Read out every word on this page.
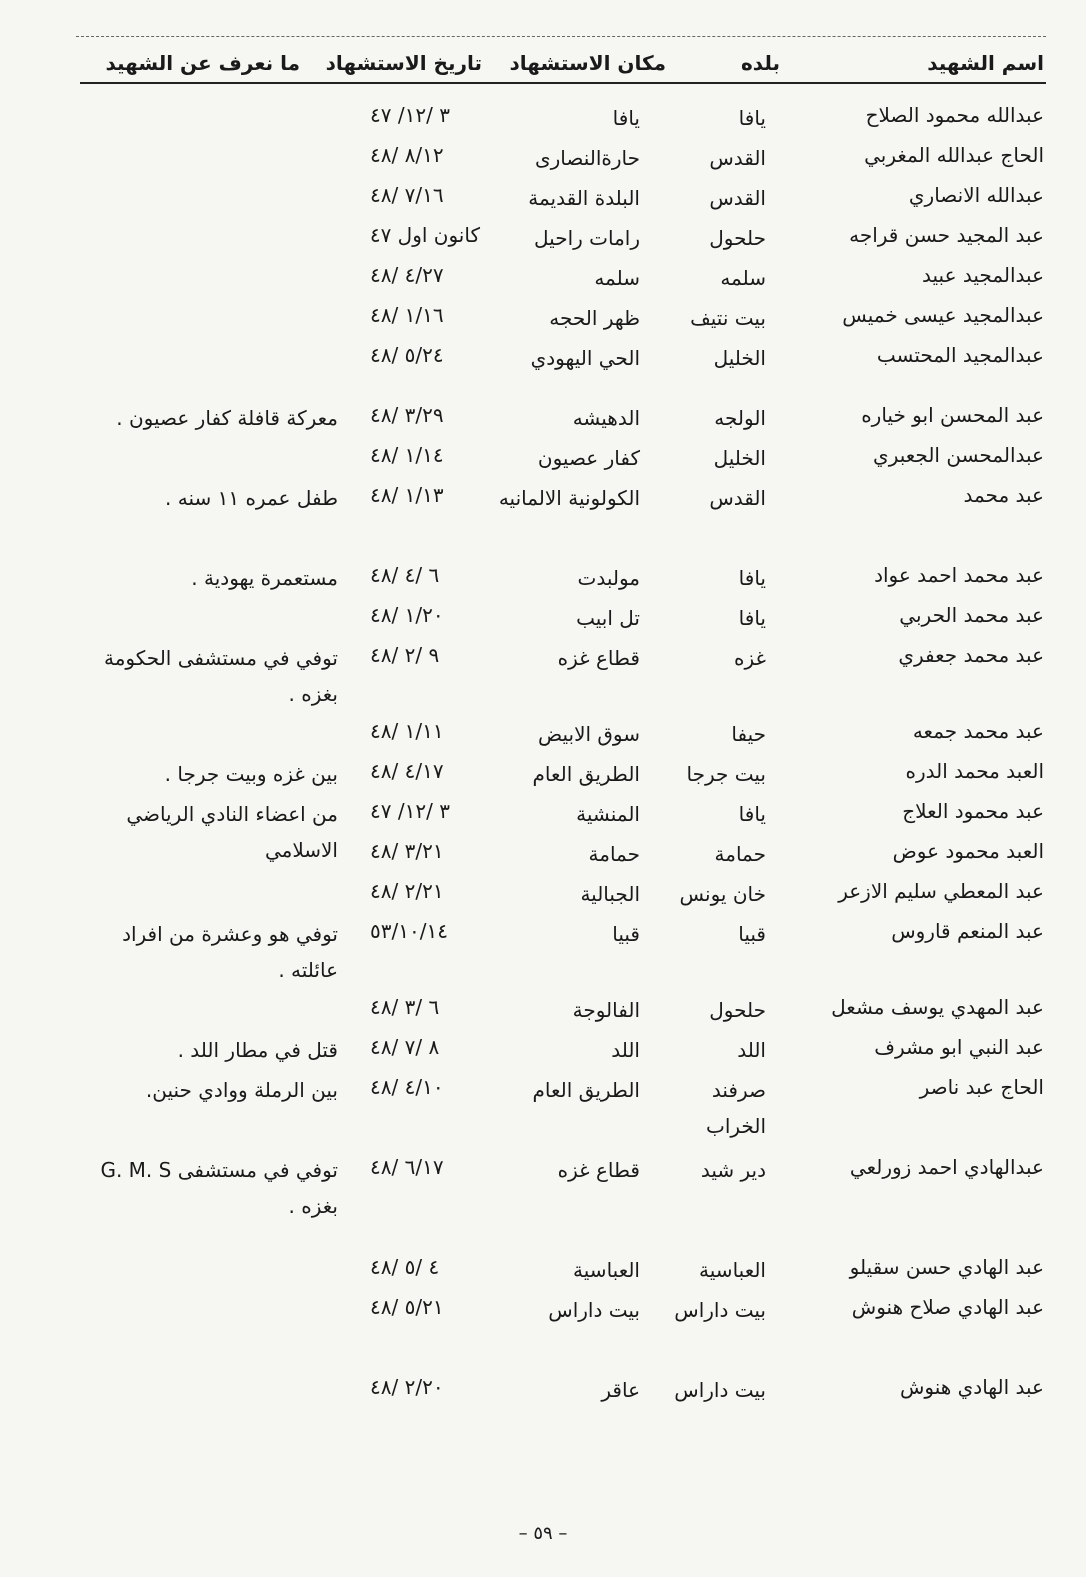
اسم الشهيد
بلده
مكان الاستشهاد
تاريخ الاستشهاد
ما نعرف عن الشهيد
عبدالله محمود الصلاح
يافا
يافا
٣ /١٢/ ٤٧
الحاج عبدالله المغربي
القدس
حارةالنصارى
٨/١٢ /٤٨
عبدالله الانصاري
القدس
البلدة القديمة
٧/١٦ /٤٨
عبد المجيد حسن قراجه
حلحول
رامات راحيل
كانون اول ٤٧
عبدالمجيد عبيد
سلمه
سلمه
٤/٢٧ /٤٨
عبدالمجيد عيسى خميس
بيت نتيف
ظهر الحجه
١/١٦ /٤٨
عبدالمجيد المحتسب
الخليل
الحي اليهودي
٥/٢٤ /٤٨
عبد المحسن ابو خياره
الولجه
الدهيشه
٣/٢٩ /٤٨
معركة قافلة كفار عصيون .
عبدالمحسن الجعبري
الخليل
كفار عصيون
١/١٤ /٤٨
عبد محمد
القدس
الكولونية الالمانيه
١/١٣ /٤٨
طفل عمره ١١ سنه .
عبد محمد احمد عواد
يافا
مولبدت
٦ /٤ /٤٨
مستعمرة يهودية .
عبد محمد الحربي
يافا
تل ابيب
١/٢٠ /٤٨
عبد محمد جعفري
غزه
قطاع غزه
٩ /٢ /٤٨
توفي في مستشفى الحكومة بغزه .
عبد محمد جمعه
حيفا
سوق الابيض
١/١١ /٤٨
العبد محمد الدره
بيت جرجا
الطريق العام
٤/١٧ /٤٨
بين غزه وبيت جرجا .
عبد محمود العلاج
يافا
المنشية
٣ /١٢/ ٤٧
من اعضاء النادي الرياضي الاسلامي	العبد محمود عوض
حمامة
حمامة
٣/٢١ /٤٨
عبد المعطي سليم الازعر
خان يونس
الجبالية
٢/٢١ /٤٨
عبد المنعم قاروس
قبيا
قبيا
٥٣/١٠/١٤
توفي هو وعشرة من افراد عائلته .
عبد المهدي يوسف مشعل
حلحول
الفالوجة
٦ /٣ /٤٨
عبد النبي ابو مشرف
اللد
اللد
٨ /٧ /٤٨
قتل في مطار اللد .
الحاج عبد ناصر
صرفند الخراب
الطريق العام
٤/١٠ /٤٨
بين الرملة ووادي حنين.
عبدالهادي احمد زورلعي
دير شيد
قطاع غزه
٦/١٧ /٤٨
توفي في مستشفى G. M. S بغزه .
عبد الهادي حسن سقيلو
العباسية
العباسية
٤ /٥ /٤٨
عبد الهادي صلاح هنوش
بيت داراس
بيت داراس
٥/٢١ /٤٨
عبد الهادي هنوش
بيت داراس
عاقر
٢/٢٠ /٤٨
– ٥٩ –
